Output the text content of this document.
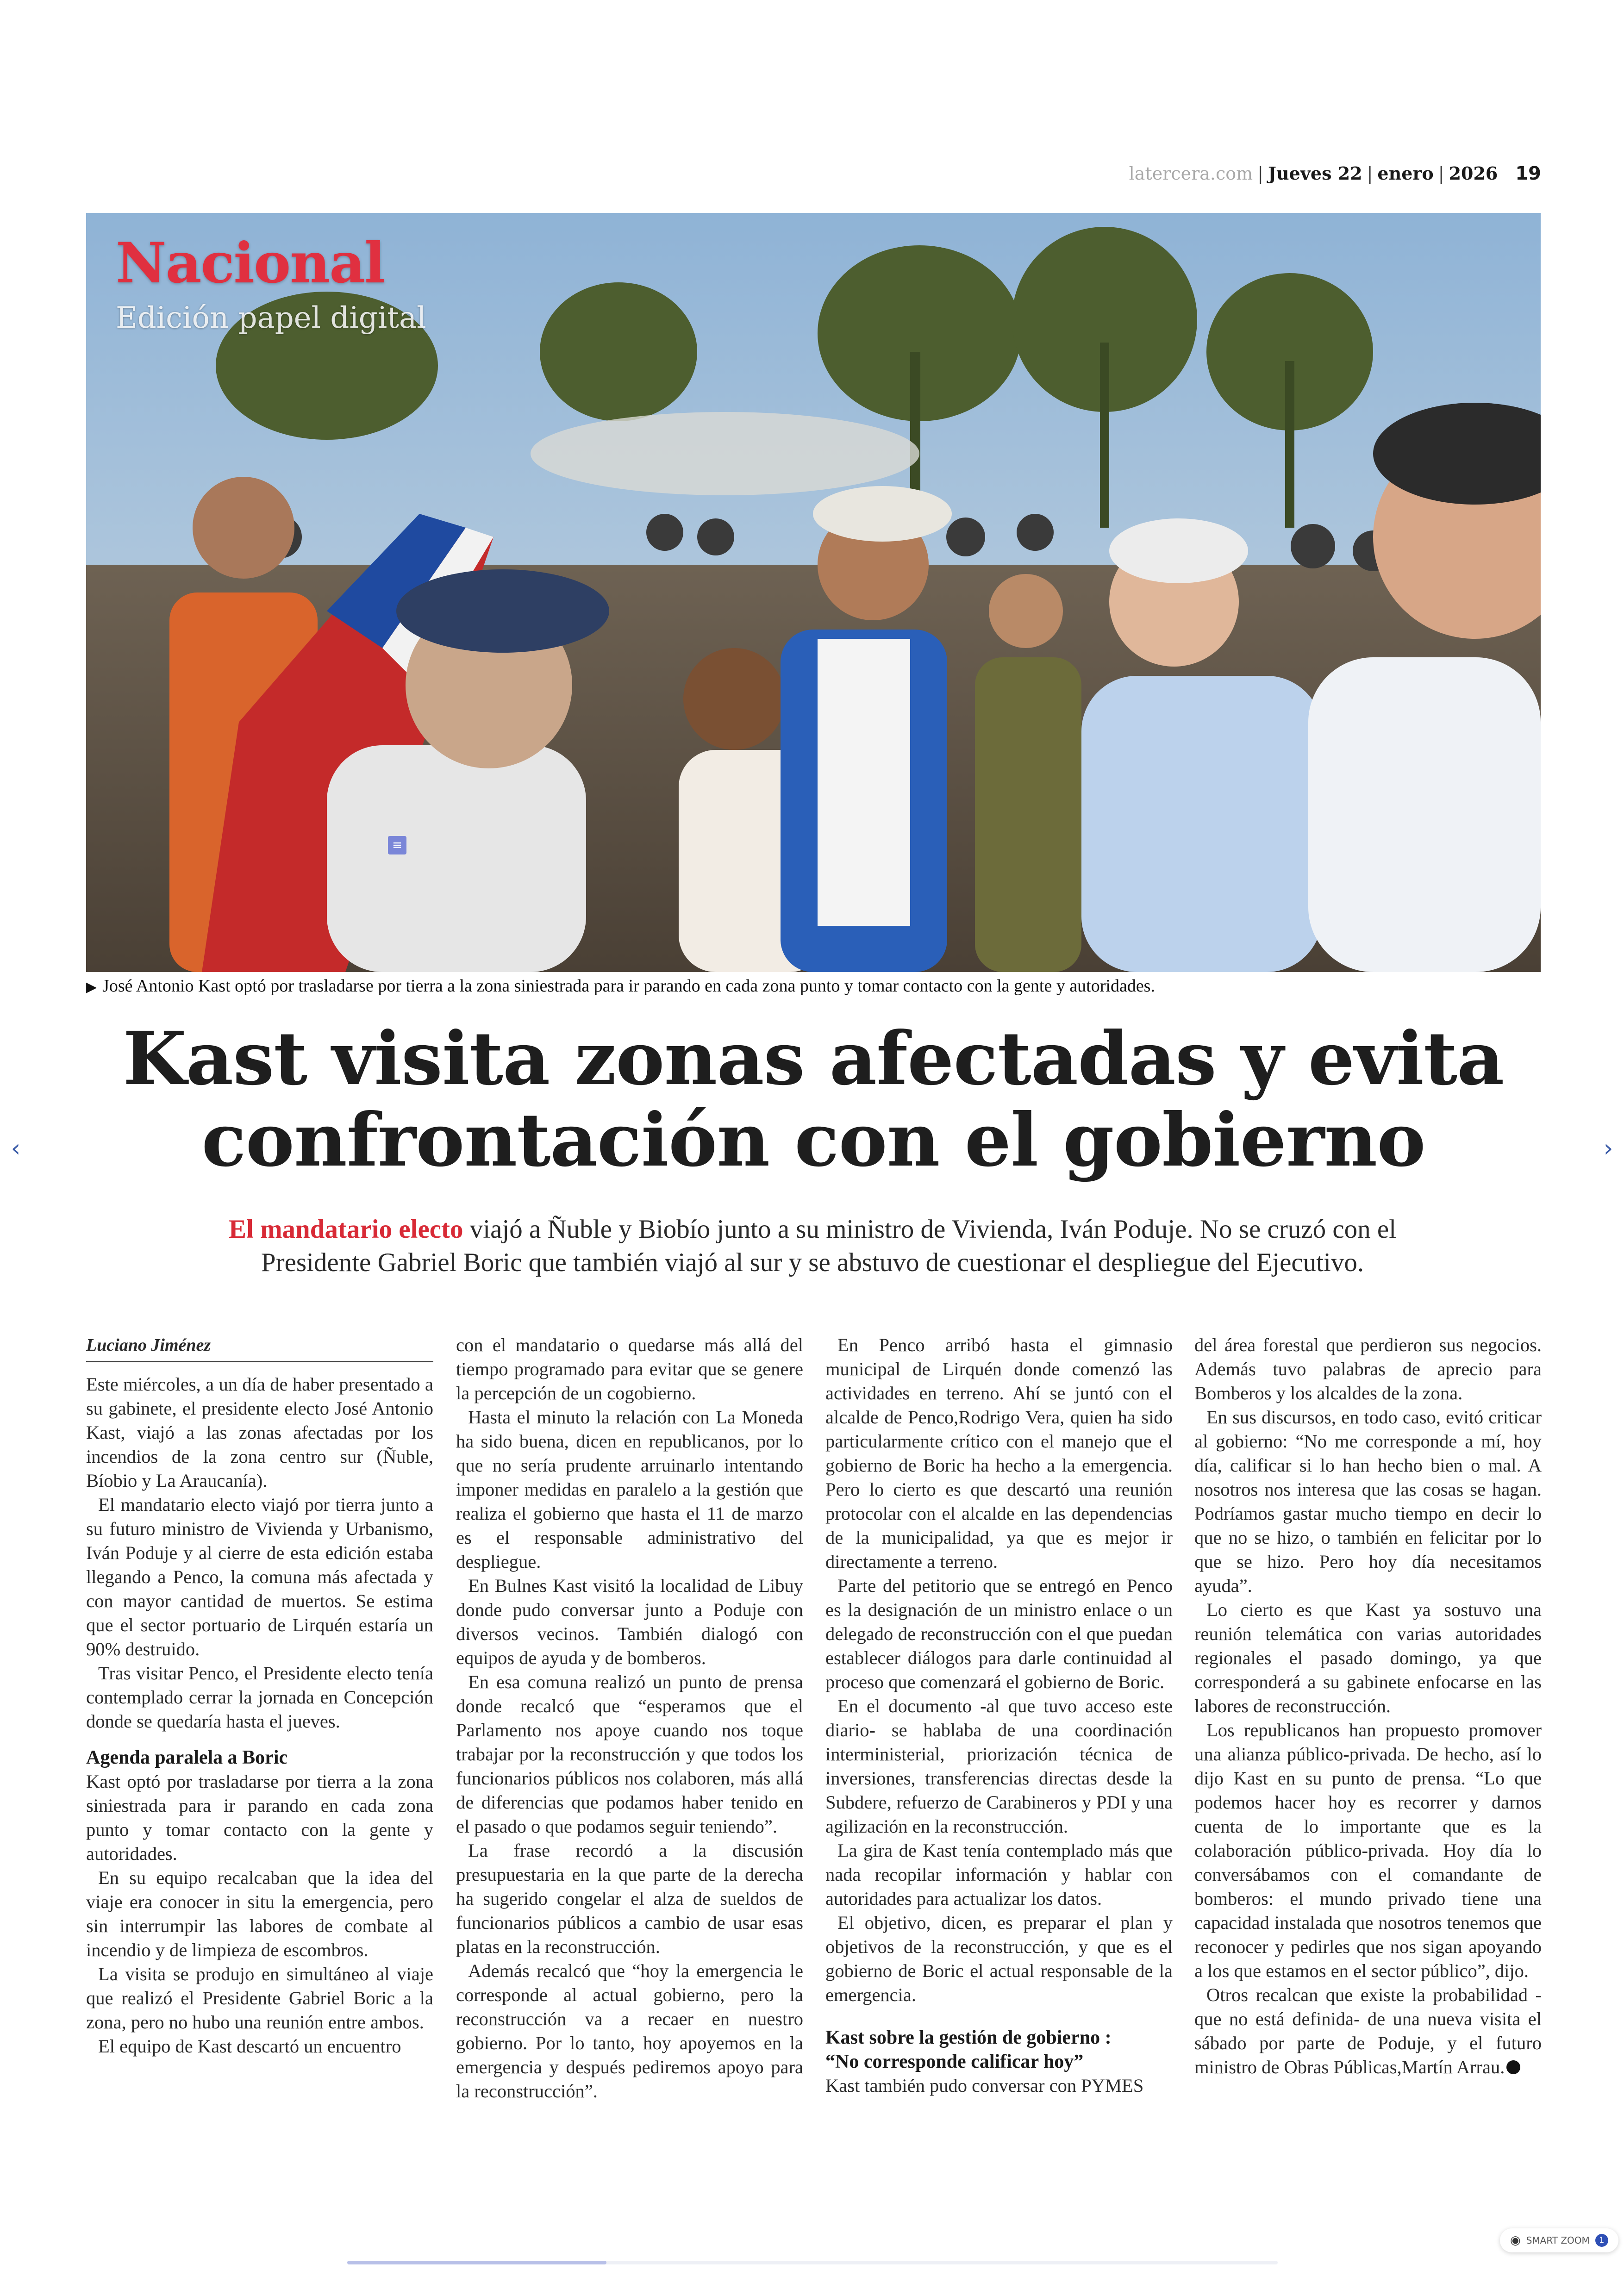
latercera.com | Jueves 22 | enero | 2026 19
Nacional
Edición papel digital
≡
▶ José Antonio Kast optó por trasladarse por tierra a la zona siniestrada para ir parando en cada zona punto y tomar contacto con la gente y autoridades.
Kast visita zonas afectadas y evita
confrontación con el gobierno
El mandatario electo viajó a Ñuble y Biobío junto a su ministro de Vivienda, Iván Poduje. No se cruzó con el Presidente Gabriel Boric que también viajó al sur y se abstuvo de cuestionar el despliegue del Ejecutivo.
Luciano Jiménez

Este miércoles, a un día de haber presentado a su gabinete, el presidente electo José Antonio Kast, viajó a las zonas afectadas por los incendios de la zona centro sur (Ñuble, Bíobio y La Araucanía).

El mandatario electo viajó por tierra junto a su futuro ministro de Vivienda y Urbanismo, Iván Poduje y al cierre de esta edición estaba llegando a Penco, la comuna más afectada y con mayor cantidad de muertos. Se estima que el sector portuario de Lirquén estaría un 90% destruido.

Tras visitar Penco, el Presidente electo tenía contemplado cerrar la jornada en Concepción donde se quedaría hasta el jueves.

Agenda paralela a Boric

Kast optó por trasladarse por tierra a la zona siniestrada para ir parando en cada zona punto y tomar contacto con la gente y autoridades.

En su equipo recalcaban que la idea del viaje era conocer in situ la emergencia, pero sin interrumpir las labores de combate al incendio y de limpieza de escombros.

La visita se produjo en simultáneo al viaje que realizó el Presidente Gabriel Boric a la zona, pero no hubo una reunión entre ambos.

El equipo de Kast descartó un encuentro

con el mandatario o quedarse más allá del tiempo programado para evitar que se genere la percepción de un cogobierno.

Hasta el minuto la relación con La Moneda ha sido buena, dicen en republicanos, por lo que no sería prudente arruinarlo intentando imponer medidas en paralelo a la gestión que realiza el gobierno que hasta el 11 de marzo es el responsable administrativo del despliegue.

En Bulnes Kast visitó la localidad de Libuy donde pudo conversar junto a Poduje con diversos vecinos. También dialogó con equipos de ayuda y de bomberos.

En esa comuna realizó un punto de prensa donde recalcó que “esperamos que el Parlamento nos apoye cuando nos toque trabajar por la reconstrucción y que todos los funcionarios públicos nos colaboren, más allá de diferencias que podamos haber tenido en el pasado o que podamos seguir teniendo”.

La frase recordó a la discusión presupuestaria en la que parte de la derecha ha sugerido congelar el alza de sueldos de funcionarios públicos a cambio de usar esas platas en la reconstrucción.

Además recalcó que “hoy la emergencia le corresponde al actual gobierno, pero la reconstrucción va a recaer en nuestro gobierno. Por lo tanto, hoy apoyemos en la emergencia y después pediremos apoyo para la reconstrucción”.

En Penco arribó hasta el gimnasio municipal de Lirquén donde comenzó las actividades en terreno. Ahí se juntó con el alcalde de Penco,Rodrigo Vera, quien ha sido particularmente crítico con el manejo que el gobierno de Boric ha hecho a la emergencia. Pero lo cierto es que descartó una reunión protocolar con el alcalde en las dependencias de la municipalidad, ya que es mejor ir directamente a terreno.

Parte del petitorio que se entregó en Penco es la designación de un ministro enlace o un delegado de reconstrucción con el que puedan establecer diálogos para darle continuidad al proceso que comenzará el gobierno de Boric.

En el documento -al que tuvo acceso este diario- se hablaba de una coordinación interministerial, priorización técnica de inversiones, transferencias directas desde la Subdere, refuerzo de Carabineros y PDI y una agilización en la reconstrucción.

La gira de Kast tenía contemplado más que nada recopilar información y hablar con autoridades para actualizar los datos.

El objetivo, dicen, es preparar el plan y objetivos de la reconstrucción, y que es el gobierno de Boric el actual responsable de la emergencia.

Kast sobre la gestión de gobierno :
“No corresponde calificar hoy”

Kast también pudo conversar con PYMES

del área forestal que perdieron sus negocios. Además tuvo palabras de aprecio para Bomberos y los alcaldes de la zona.

En sus discursos, en todo caso, evitó criticar al gobierno: “No me corresponde a mí, hoy día, calificar si lo han hecho bien o mal. A nosotros nos interesa que las cosas se hagan. Podríamos gastar mucho tiempo en decir lo que no se hizo, o también en felicitar por lo que se hizo. Pero hoy día necesitamos ayuda”.

Lo cierto es que Kast ya sostuvo una reunión telemática con varias autoridades regionales el pasado domingo, ya que corresponderá a su gabinete enfocarse en las labores de reconstrucción.

Los republicanos han propuesto promover una alianza público-privada. De hecho, así lo dijo Kast en su punto de prensa. “Lo que podemos hacer hoy es recorrer y darnos cuenta de lo importante que es la colaboración público-privada. Hoy día lo conversábamos con el comandante de bomberos: el mundo privado tiene una capacidad instalada que nosotros tenemos que reconocer y pedirles que nos sigan apoyando a los que estamos en el sector público”, dijo.

Otros recalcan que existe la probabilidad -que no está definida- de una nueva visita el sábado por parte de Poduje, y el futuro ministro de Obras Públicas,Martín Arrau.

‹	›
◉ SMART ZOOM	1
